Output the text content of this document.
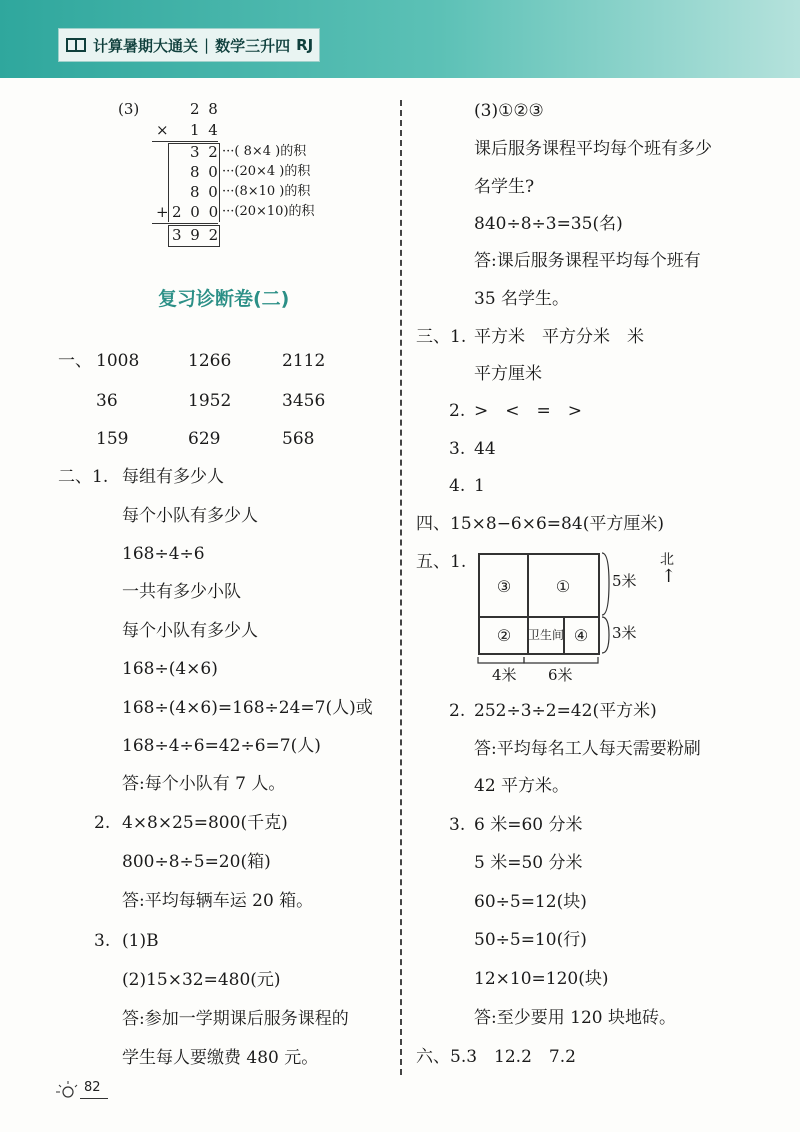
计算暑期大通关 | 数学三升四 RJ
(3)	2 8
× 1 4
3 2 ···( 8×4 )的积
8 0 ···(20×4 )的积
8 0 ···(8×10 )的积
+ 2 0 0 ···(20×10)的积
3 9 2
复习诊断卷(二)
一、 1008	1266	2112
36	1952	3456
159	629	568
二、1. 每组有多少人
每个小队有多少人
168÷4÷6
一共有多少小队
每个小队有多少人
168÷(4×6)
168÷(4×6)=168÷24=7(人)或
168÷4÷6=42÷6=7(人)
答:每个小队有 7 人。
2. 4×8×25=800(千克)
800÷8÷5=20(箱)
答:平均每辆车运 20 箱。
3. (1)B
(2)15×32=480(元)
答:参加一学期课后服务课程的
学生每人要缴费 480 元。
(3)①②③
课后服务课程平均每个班有多少
名学生?
840÷8÷3=35(名)
答:课后服务课程平均每个班有
35 名学生。
三、1. 平方米　平方分米　米
平方厘米
2. >　<　=　>
3. 44
4. 1
四、15×8−6×6=84(平方厘米)
五、1.
③	①
②	卫生间 ④
5米
3米
4米 6米
北
↑
2. 252÷3÷2=42(平方米)
答:平均每名工人每天需要粉刷
42 平方米。
3. 6 米=60 分米
5 米=50 分米
60÷5=12(块)
50÷5=10(行)
12×10=120(块)
答:至少要用 120 块地砖。
六、5.3　12.2　7.2
82
